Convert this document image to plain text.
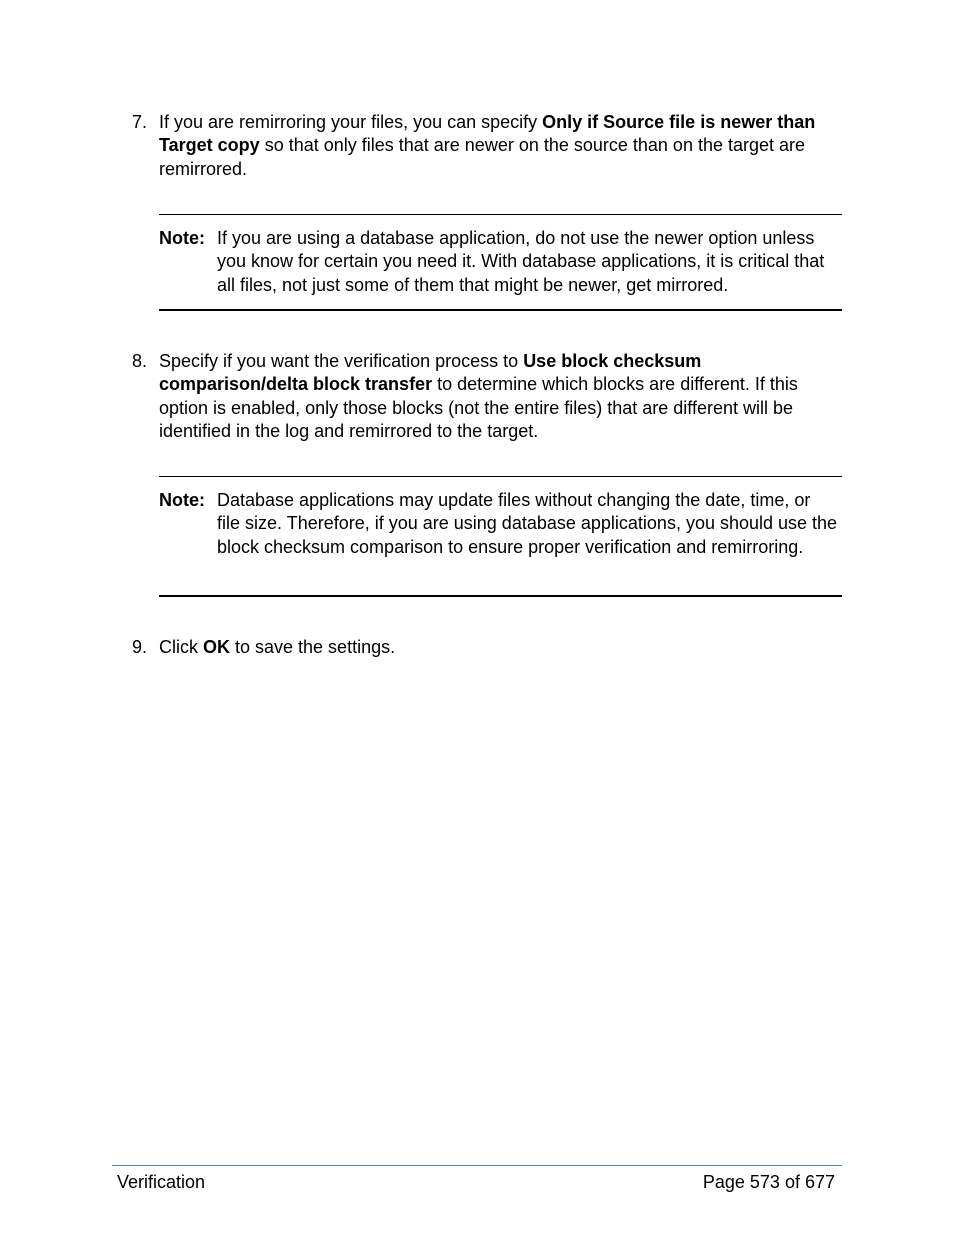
7. If you are remirroring your files, you can specify Only if Source file is newer than Target copy so that only files that are newer on the source than on the target are remirrored.
Note: If you are using a database application, do not use the newer option unless you know for certain you need it. With database applications, it is critical that all files, not just some of them that might be newer, get mirrored.
8. Specify if you want the verification process to Use block checksum comparison/delta block transfer to determine which blocks are different. If this option is enabled, only those blocks (not the entire files) that are different will be identified in the log and remirrored to the target.
Note: Database applications may update files without changing the date, time, or file size. Therefore, if you are using database applications, you should use the block checksum comparison to ensure proper verification and remirroring.
9. Click OK to save the settings.
Verification	Page 573 of 677
